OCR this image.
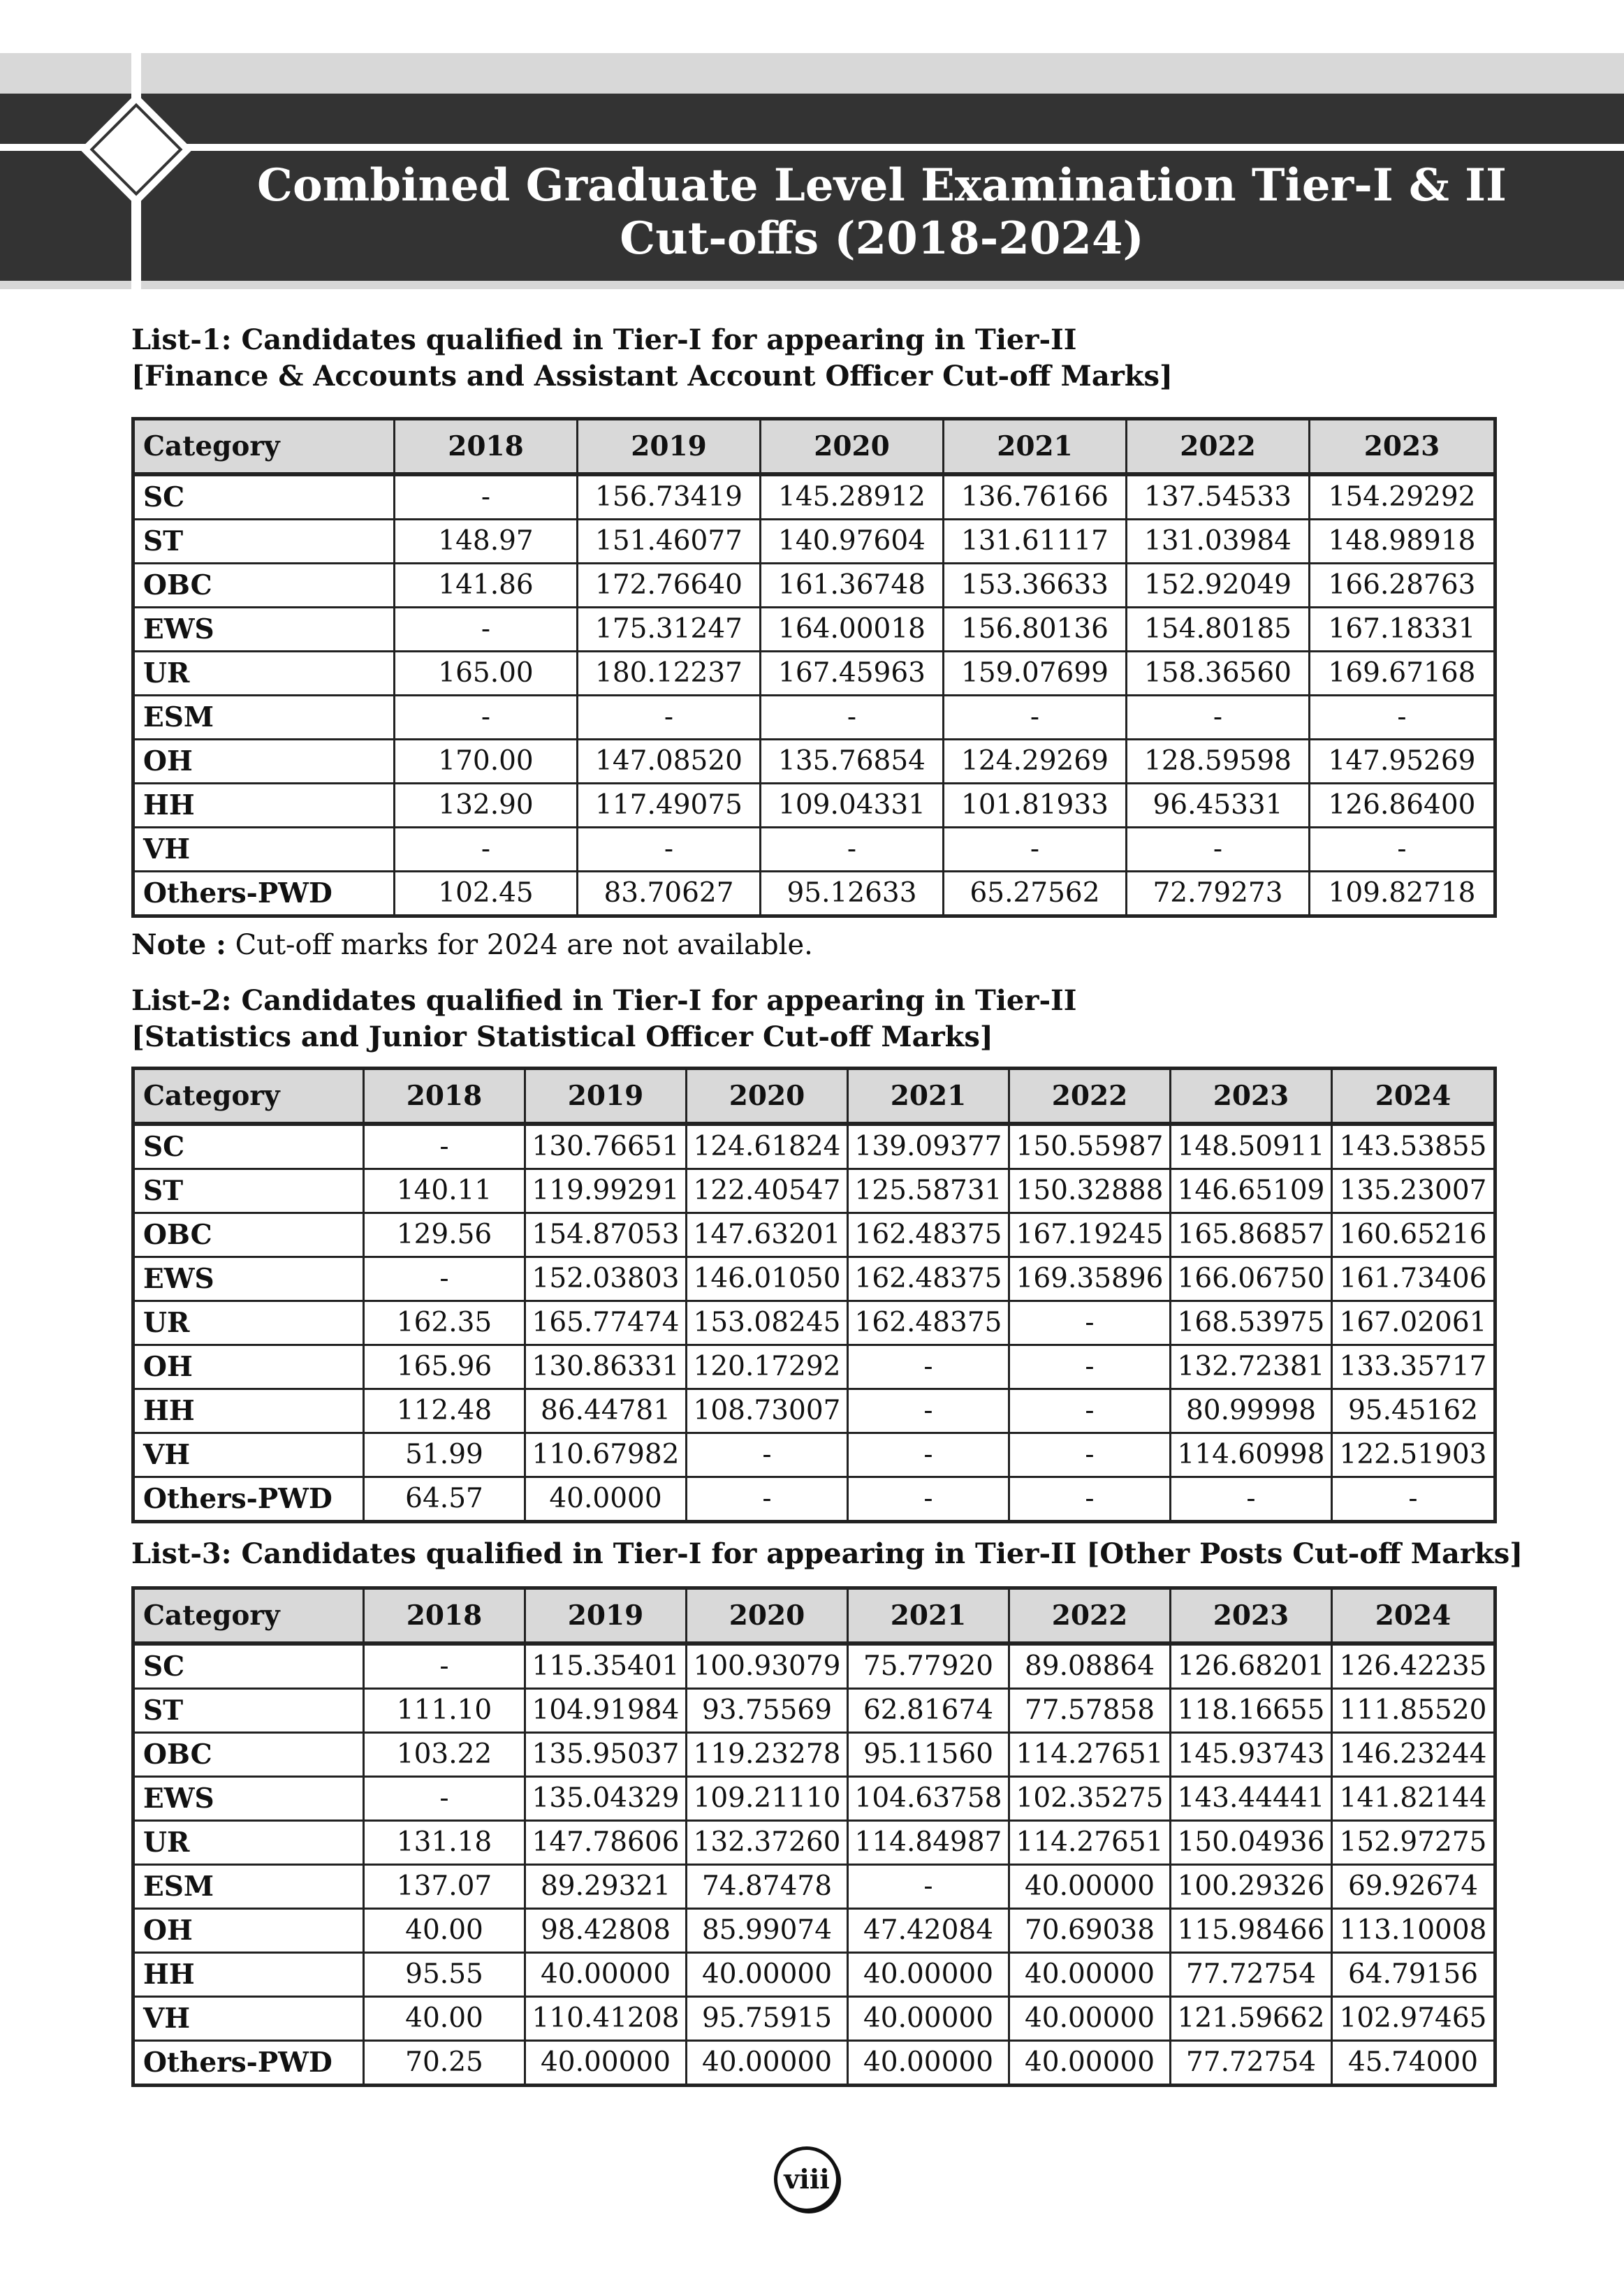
Combined Graduate Level Examination Tier-I & II
Cut-offs (2018-2024)
List-1: Candidates qualified in Tier-I for appearing in Tier-II
[Finance & Accounts and Assistant Account Officer Cut-off Marks]
Category	2018	2019	2020	2021	2022	2023
SC	-	156.73419	145.28912	136.76166	137.54533	154.29292
ST	148.97	151.46077	140.97604	131.61117	131.03984	148.98918
OBC	141.86	172.76640	161.36748	153.36633	152.92049	166.28763
EWS	-	175.31247	164.00018	156.80136	154.80185	167.18331
UR	165.00	180.12237	167.45963	159.07699	158.36560	169.67168
ESM	-	-	-	-	-	-
OH	170.00	147.08520	135.76854	124.29269	128.59598	147.95269
HH	132.90	117.49075	109.04331	101.81933	96.45331	126.86400
VH	-	-	-	-	-	-
Others-PWD	102.45	83.70627	95.12633	65.27562	72.79273	109.82718
Note : Cut-off marks for 2024 are not available.
List-2: Candidates qualified in Tier-I for appearing in Tier-II
[Statistics and Junior Statistical Officer Cut-off Marks]
Category	2018	2019	2020	2021	2022	2023	2024
SC	-	130.76651	124.61824	139.09377	150.55987	148.50911	143.53855
ST	140.11	119.99291	122.40547	125.58731	150.32888	146.65109	135.23007
OBC	129.56	154.87053	147.63201	162.48375	167.19245	165.86857	160.65216
EWS	-	152.03803	146.01050	162.48375	169.35896	166.06750	161.73406
UR	162.35	165.77474	153.08245	162.48375	-	168.53975	167.02061
OH	165.96	130.86331	120.17292	-	-	132.72381	133.35717
HH	112.48	86.44781	108.73007	-	-	80.99998	95.45162
VH	51.99	110.67982	-	-	-	114.60998	122.51903
Others-PWD	64.57	40.0000	-	-	-	-	-
List-3: Candidates qualified in Tier-I for appearing in Tier-II [Other Posts Cut-off Marks]
Category	2018	2019	2020	2021	2022	2023	2024
SC	-	115.35401	100.93079	75.77920	89.08864	126.68201	126.42235
ST	111.10	104.91984	93.75569	62.81674	77.57858	118.16655	111.85520
OBC	103.22	135.95037	119.23278	95.11560	114.27651	145.93743	146.23244
EWS	-	135.04329	109.21110	104.63758	102.35275	143.44441	141.82144
UR	131.18	147.78606	132.37260	114.84987	114.27651	150.04936	152.97275
ESM	137.07	89.29321	74.87478	-	40.00000	100.29326	69.92674
OH	40.00	98.42808	85.99074	47.42084	70.69038	115.98466	113.10008
HH	95.55	40.00000	40.00000	40.00000	40.00000	77.72754	64.79156
VH	40.00	110.41208	95.75915	40.00000	40.00000	121.59662	102.97465
Others-PWD	70.25	40.00000	40.00000	40.00000	40.00000	77.72754	45.74000
viii
